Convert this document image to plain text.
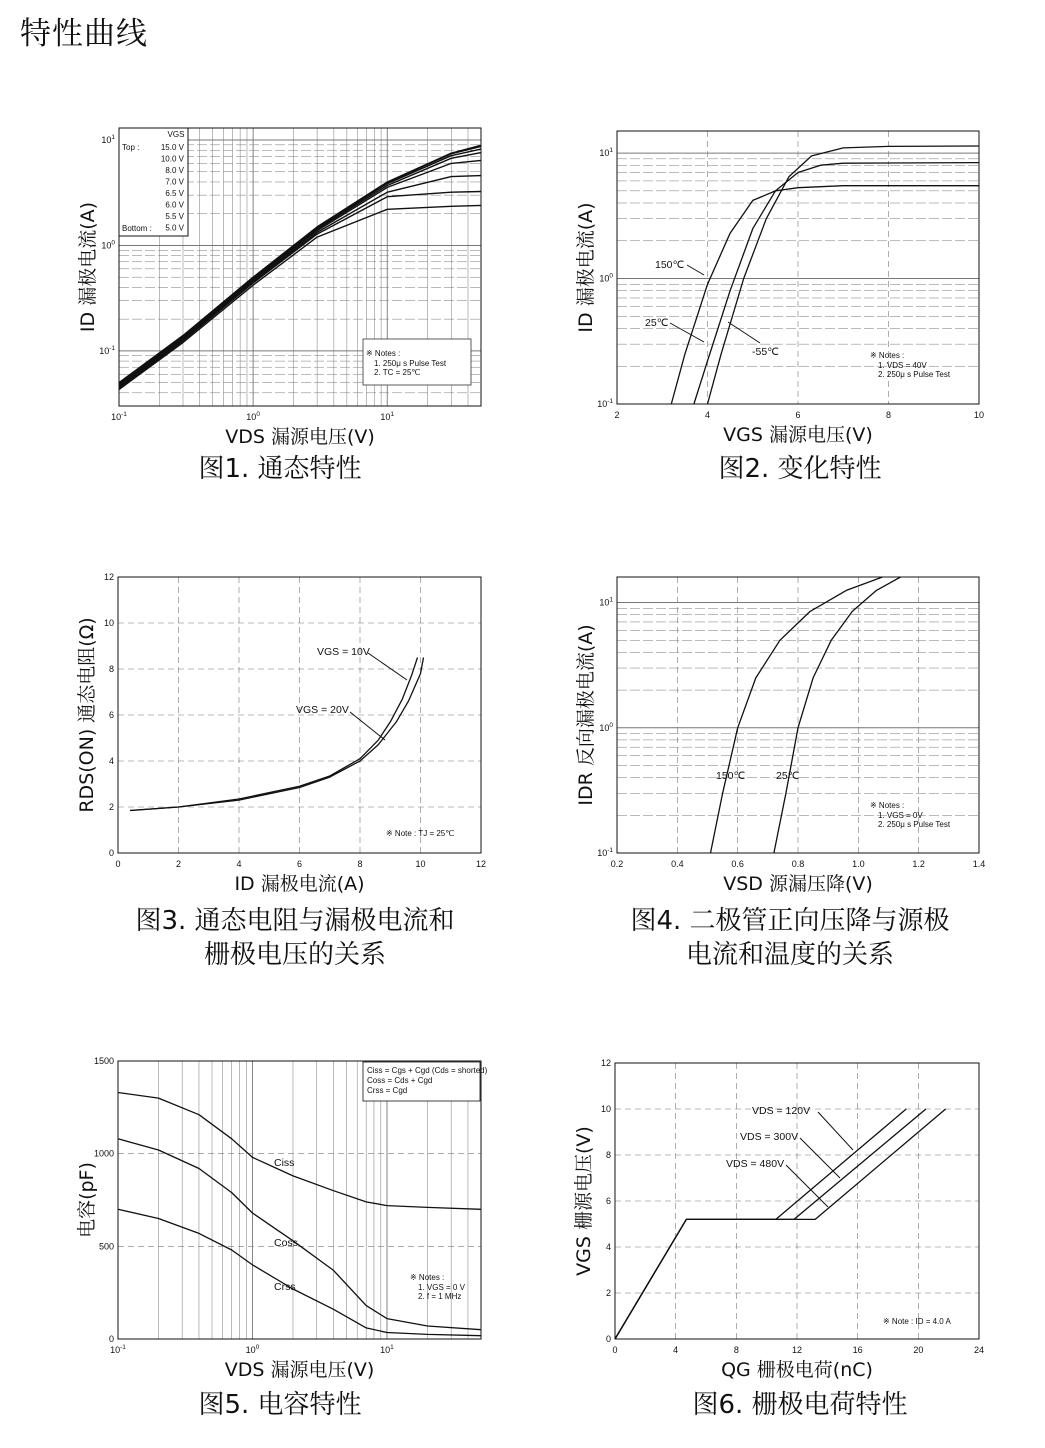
特性曲线
$10^{-1}$	$10^0$	$10^1$
$10^{-1}$
$10^0$
$10^1$
VDS 漏源电压(V)
ID 漏极电流(A)
※ Notes :
1. 250μ s Pulse Test
2. TC = 25℃
2	4	6	8	10
$10^{-1}$
$10^0$
$10^1$
VGS 漏源电压(V)
ID 漏极电流(A)
※ Notes :
1. VDS = 40V
2. 250μ s Pulse Test
0	2	4	6	8	10	12
0
2
4
6
8
10
12
ID 漏极电流(A)
RDS(ON) 通态电阻(Ω)
※ Note : TJ = 25℃
0.2	0.4	0.6	0.8	1.0	1.2	1.4
$10^{-1}$
$10^0$
$10^1$
VSD 源漏压降(V)
IDR 反向漏极电流(A)	※ Notes :
1. VGS = 0V
2. 250μ s Pulse Test
$10^{-1}$	$10^0$	$10^1$
0
500
1000
1500
VDS 漏源电压(V)
电容(pF)
※ Notes :
1. VGS = 0 V
2. f = 1 MHz
0	4	8	12	16	20	24
0
2
4
6
8
10
12
QG 栅极电荷(nC)
VGS 栅源电压(V)
※ Note : ID = 4.0 A
VGS
Top :
Bottom :
15.0 V
10.0 V
8.0 V
7.0 V
6.5 V
6.0 V
5.5 V
5.0 V
150℃
25℃
-55℃
VGS = 10V
VGS = 20V
150℃	25℃
Ciss = Cgs + Cgd (Cds = shorted)
Coss = Cds + Cgd
Crss = Cgd
Ciss
Coss
Crss
VDS = 120V
VDS = 300V
VDS = 480V
图1. 通态特性	图2. 变化特性
图3. 通态电阻与漏极电流和
栅极电压的关系
图4. 二极管正向压降与源极
电流和温度的关系
图5. 电容特性	图6. 栅极电荷特性
